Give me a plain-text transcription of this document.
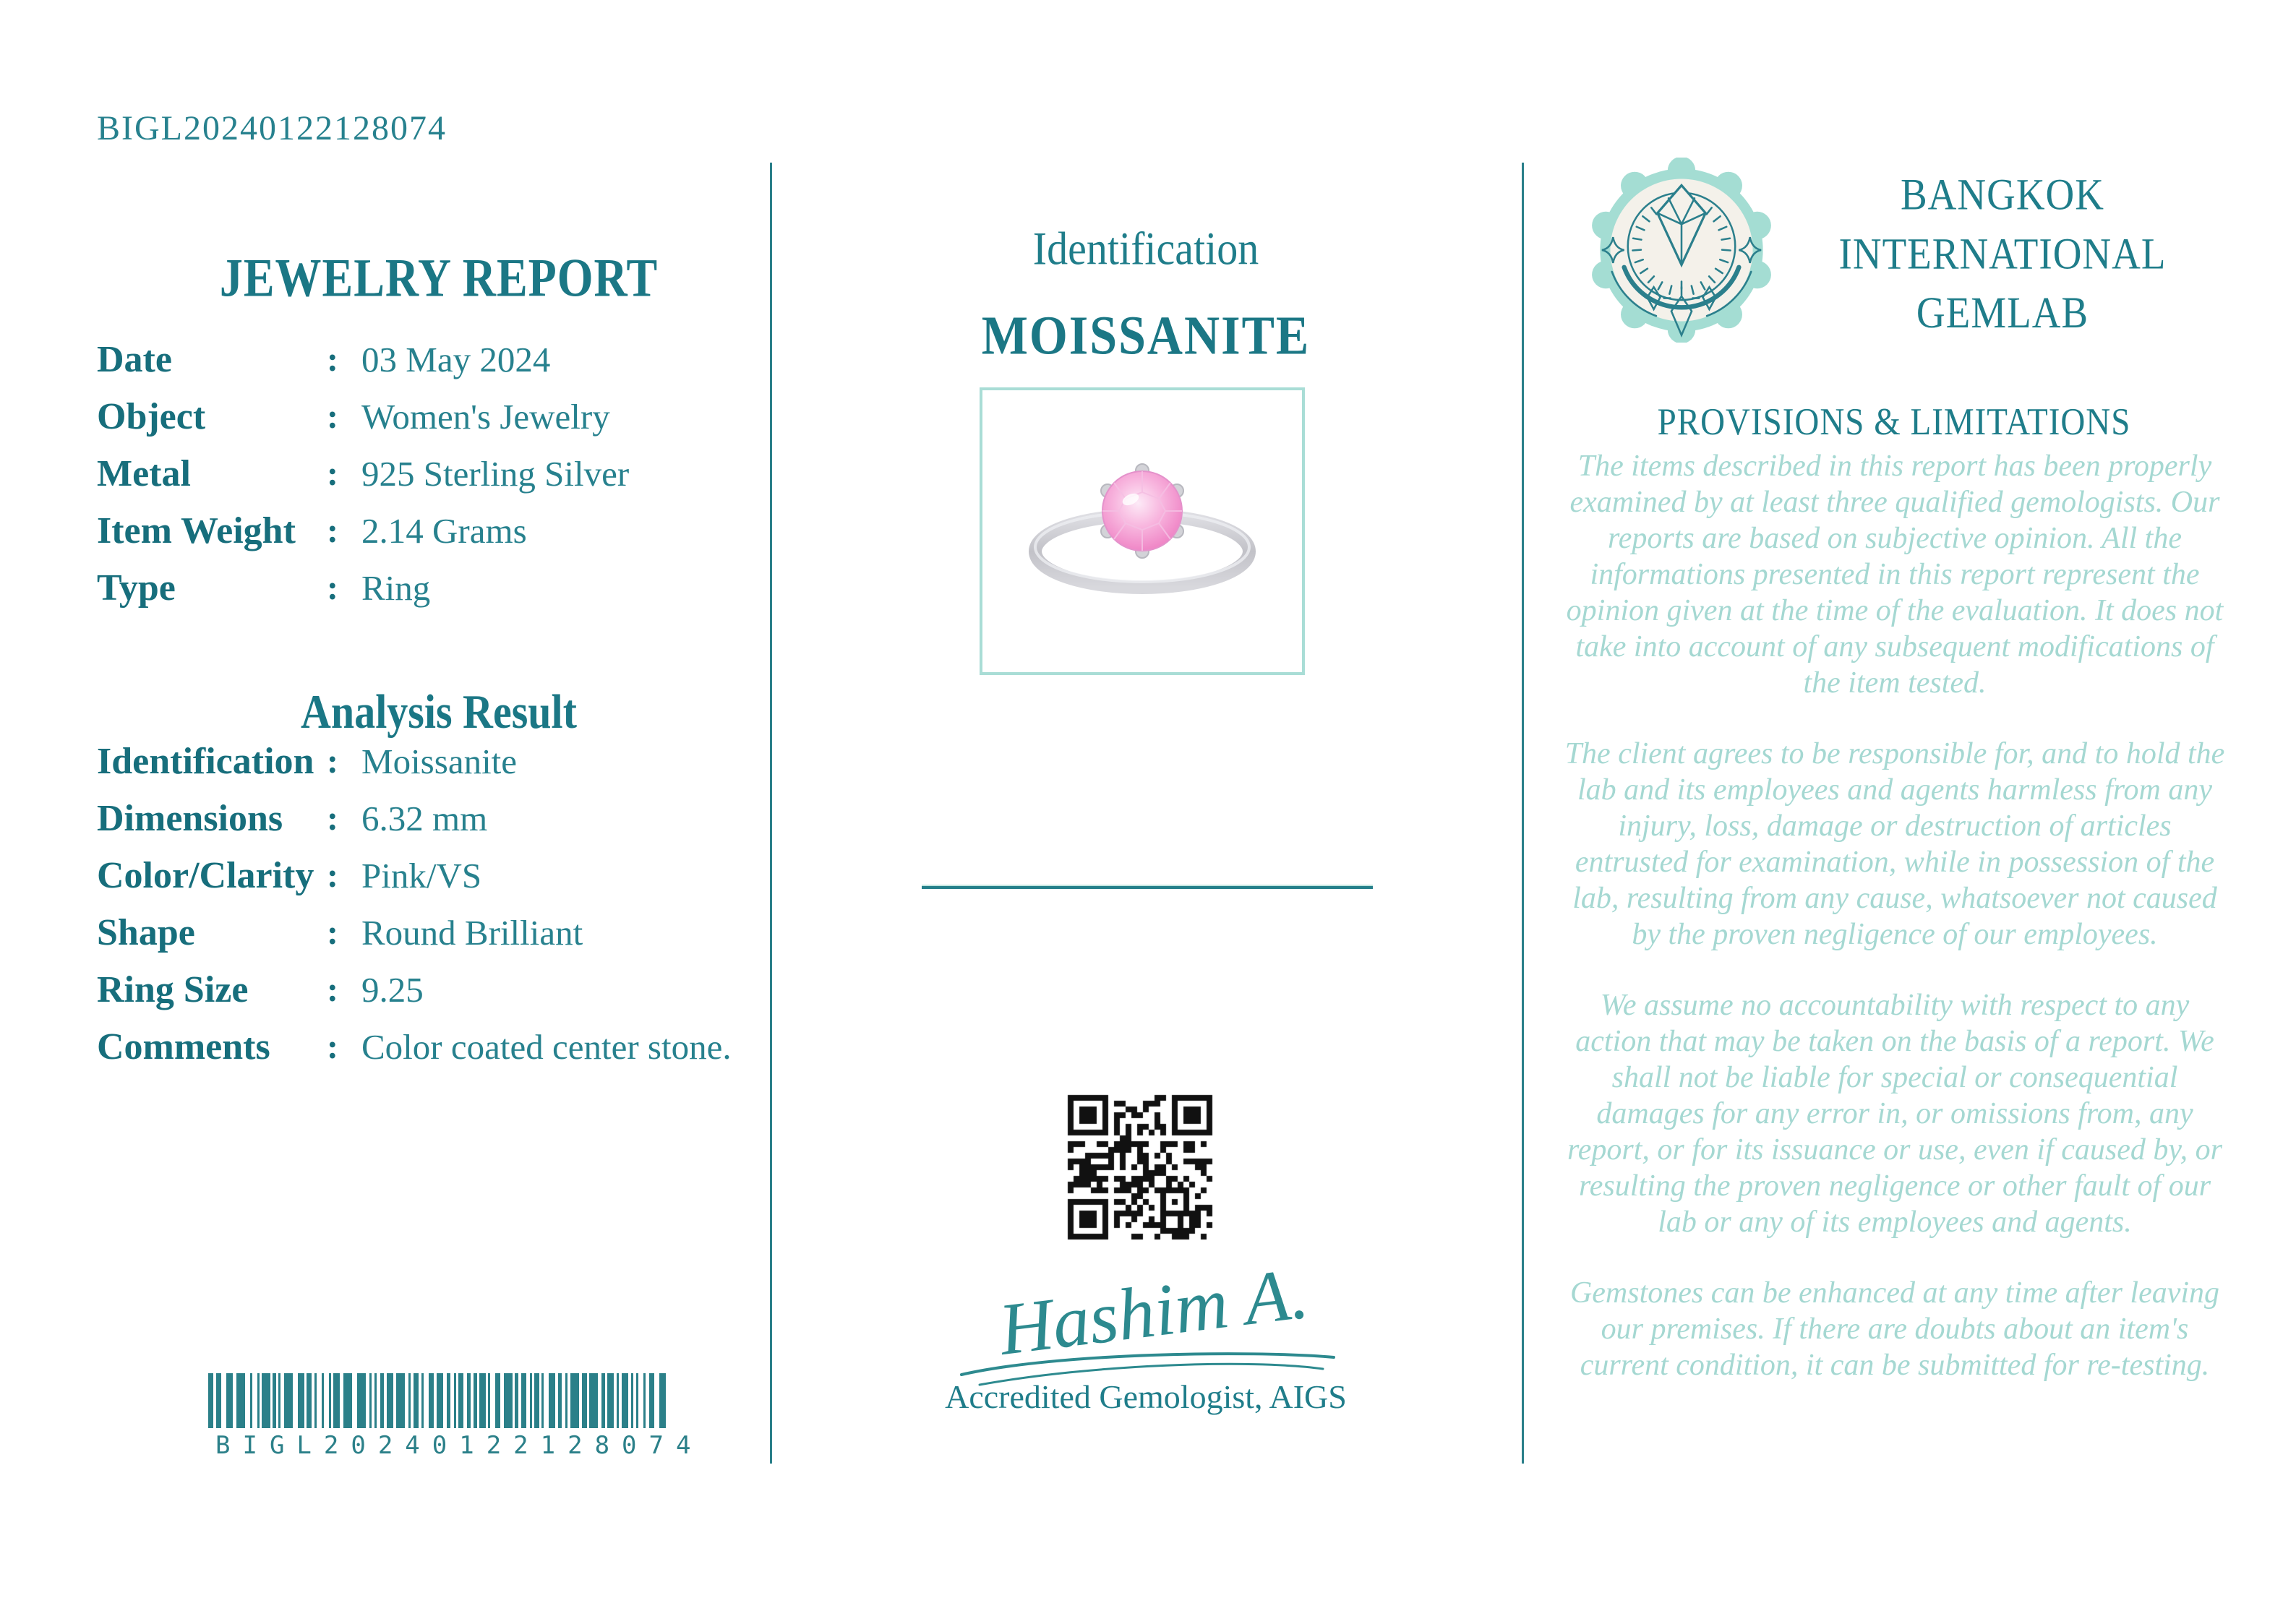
BIGL20240122128074
JEWELRY REPORT
Date	: 03 May 2024
Object	: Women's Jewelry
Metal	: 925 Sterling Silver
Item Weight : 2.14 Grams
Type	: Ring
Analysis Result
Identification : Moissanite
Dimensions	: 6.32 mm
Color/Clarity : Pink/VS
Shape	: Round Brilliant
Ring Size	: 9.25
Comments	: Color coated center stone.
BIGL20240122128074
Identification
MOISSANITE
Hashim A.
Accredited Gemologist, AIGS
BANGKOK
INTERNATIONAL
GEMLAB
PROVISIONS & LIMITATIONS

The items described in this report has been properly examined by at least three qualified gemologists. Our reports are based on subjective opinion. All the informations presented in this report represent the opinion given at the time of the evaluation. It does not take into account of any subsequent modifications of the item tested.

The client agrees to be responsible for, and to hold the lab and its employees and agents harmless from any injury, loss, damage or destruction of articles entrusted for examination, while in possession of the lab, resulting from any cause, whatsoever not caused by the proven negligence of our employees.

We assume no accountability with respect to any action that may be taken on the basis of a report. We shall not be liable for special or consequential damages for any error in, or omissions from, any report, or for its issuance or use, even if caused by, or resulting the proven negligence or other fault of our lab or any of its employees and agents.

Gemstones can be enhanced at any time after leaving our premises. If there are doubts about an item's current condition, it can be submitted for re-testing.
